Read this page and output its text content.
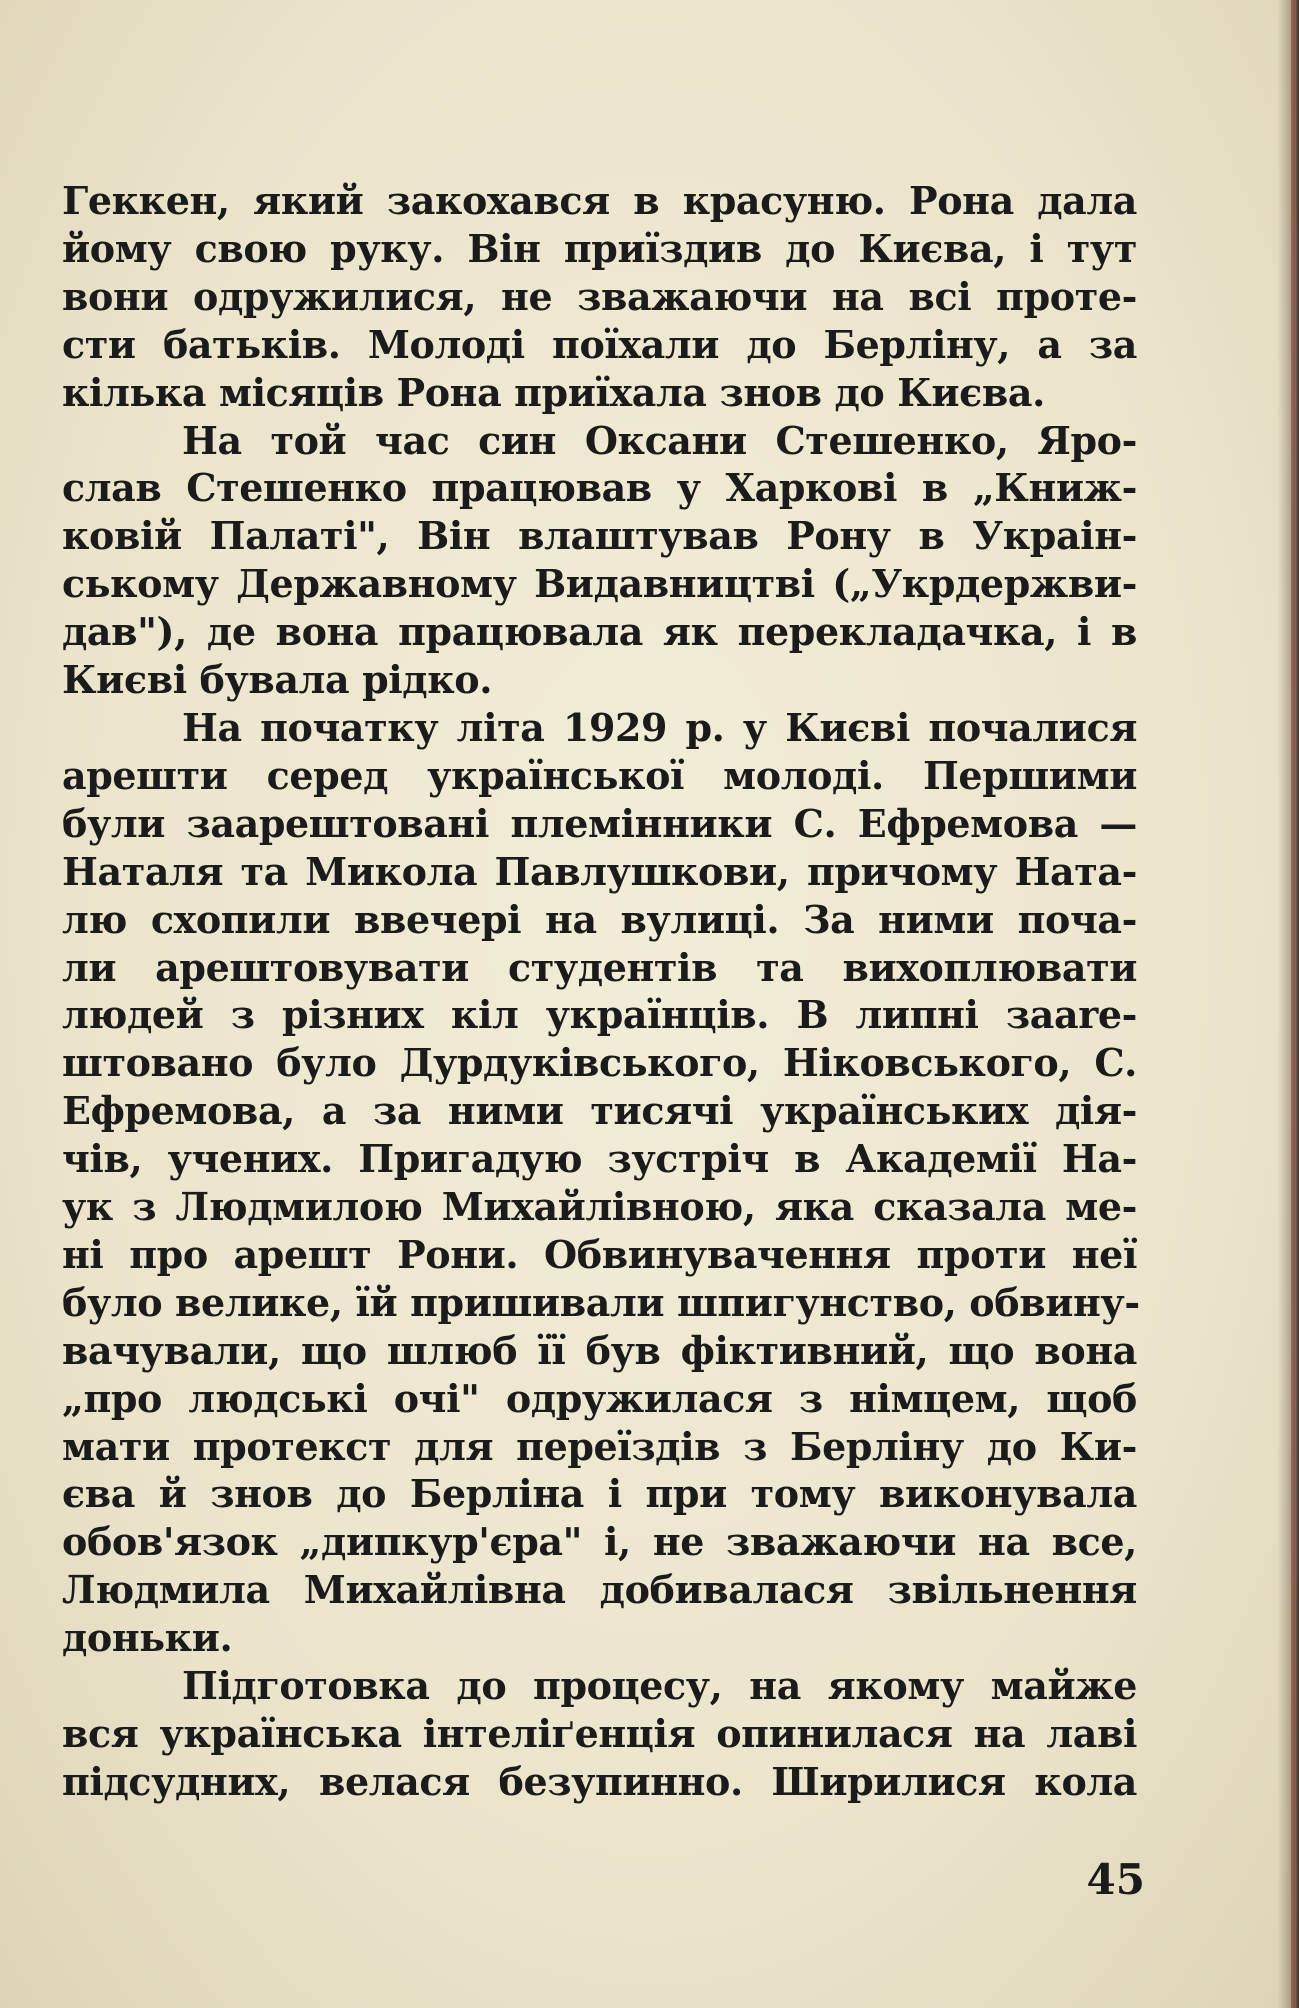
Геккен, який закохався в красуню. Рона дала
йому свою руку. Він приїздив до Києва, і тут
вони одружилися, не зважаючи на всі проте-
сти батьків. Молоді поїхали до Берліну, а за
кілька місяців Рона приїхала знов до Києва.
На той час син Оксани Стешенко, Яро-
слав Стешенко працював у Харкові в „Книж-
ковій Палаті", Він влаштував Рону в Украін-
ському Державному Видавництві („Укрдержви-
дав"), де вона працювала як перекладачка, і в
Києві бувала рідко.
На початку літа 1929 р. у Києві почалися
арешти серед української молоді. Першими
були заарештовані племінники С. Ефремова —
Наталя та Микола Павлушкови, причому Ната-
лю схопили ввечері на вулиці. За ними поча-
ли арештовувати студентів та вихоплювати
людей з різних кіл українців. В липні заare-
штовано було Дурдуківського, Ніковського, С.
Ефремова, а за ними тисячі українських дія-
чів, учених. Пригадую зустріч в Академії На-
ук з Людмилою Михайлівною, яка сказала ме-
ні про арешт Рони. Обвинувачення проти неї
було велике, їй пришивали шпигунство, обвину-
вачували, що шлюб її був фіктивний, що вона
„про людські очі" одружилася з німцем, щоб
мати протекст для переїздів з Берліну до Ки-
єва й знов до Берліна і при тому виконувала
обов'язок „дипкур'єра" і, не зважаючи на все,
Людмила Михайлівна добивалася звільнення
доньки.
Підготовка до процесу, на якому майже
вся українська інтеліґенція опинилася на лаві
підсудних, велася безупинно. Ширилися кола
45
